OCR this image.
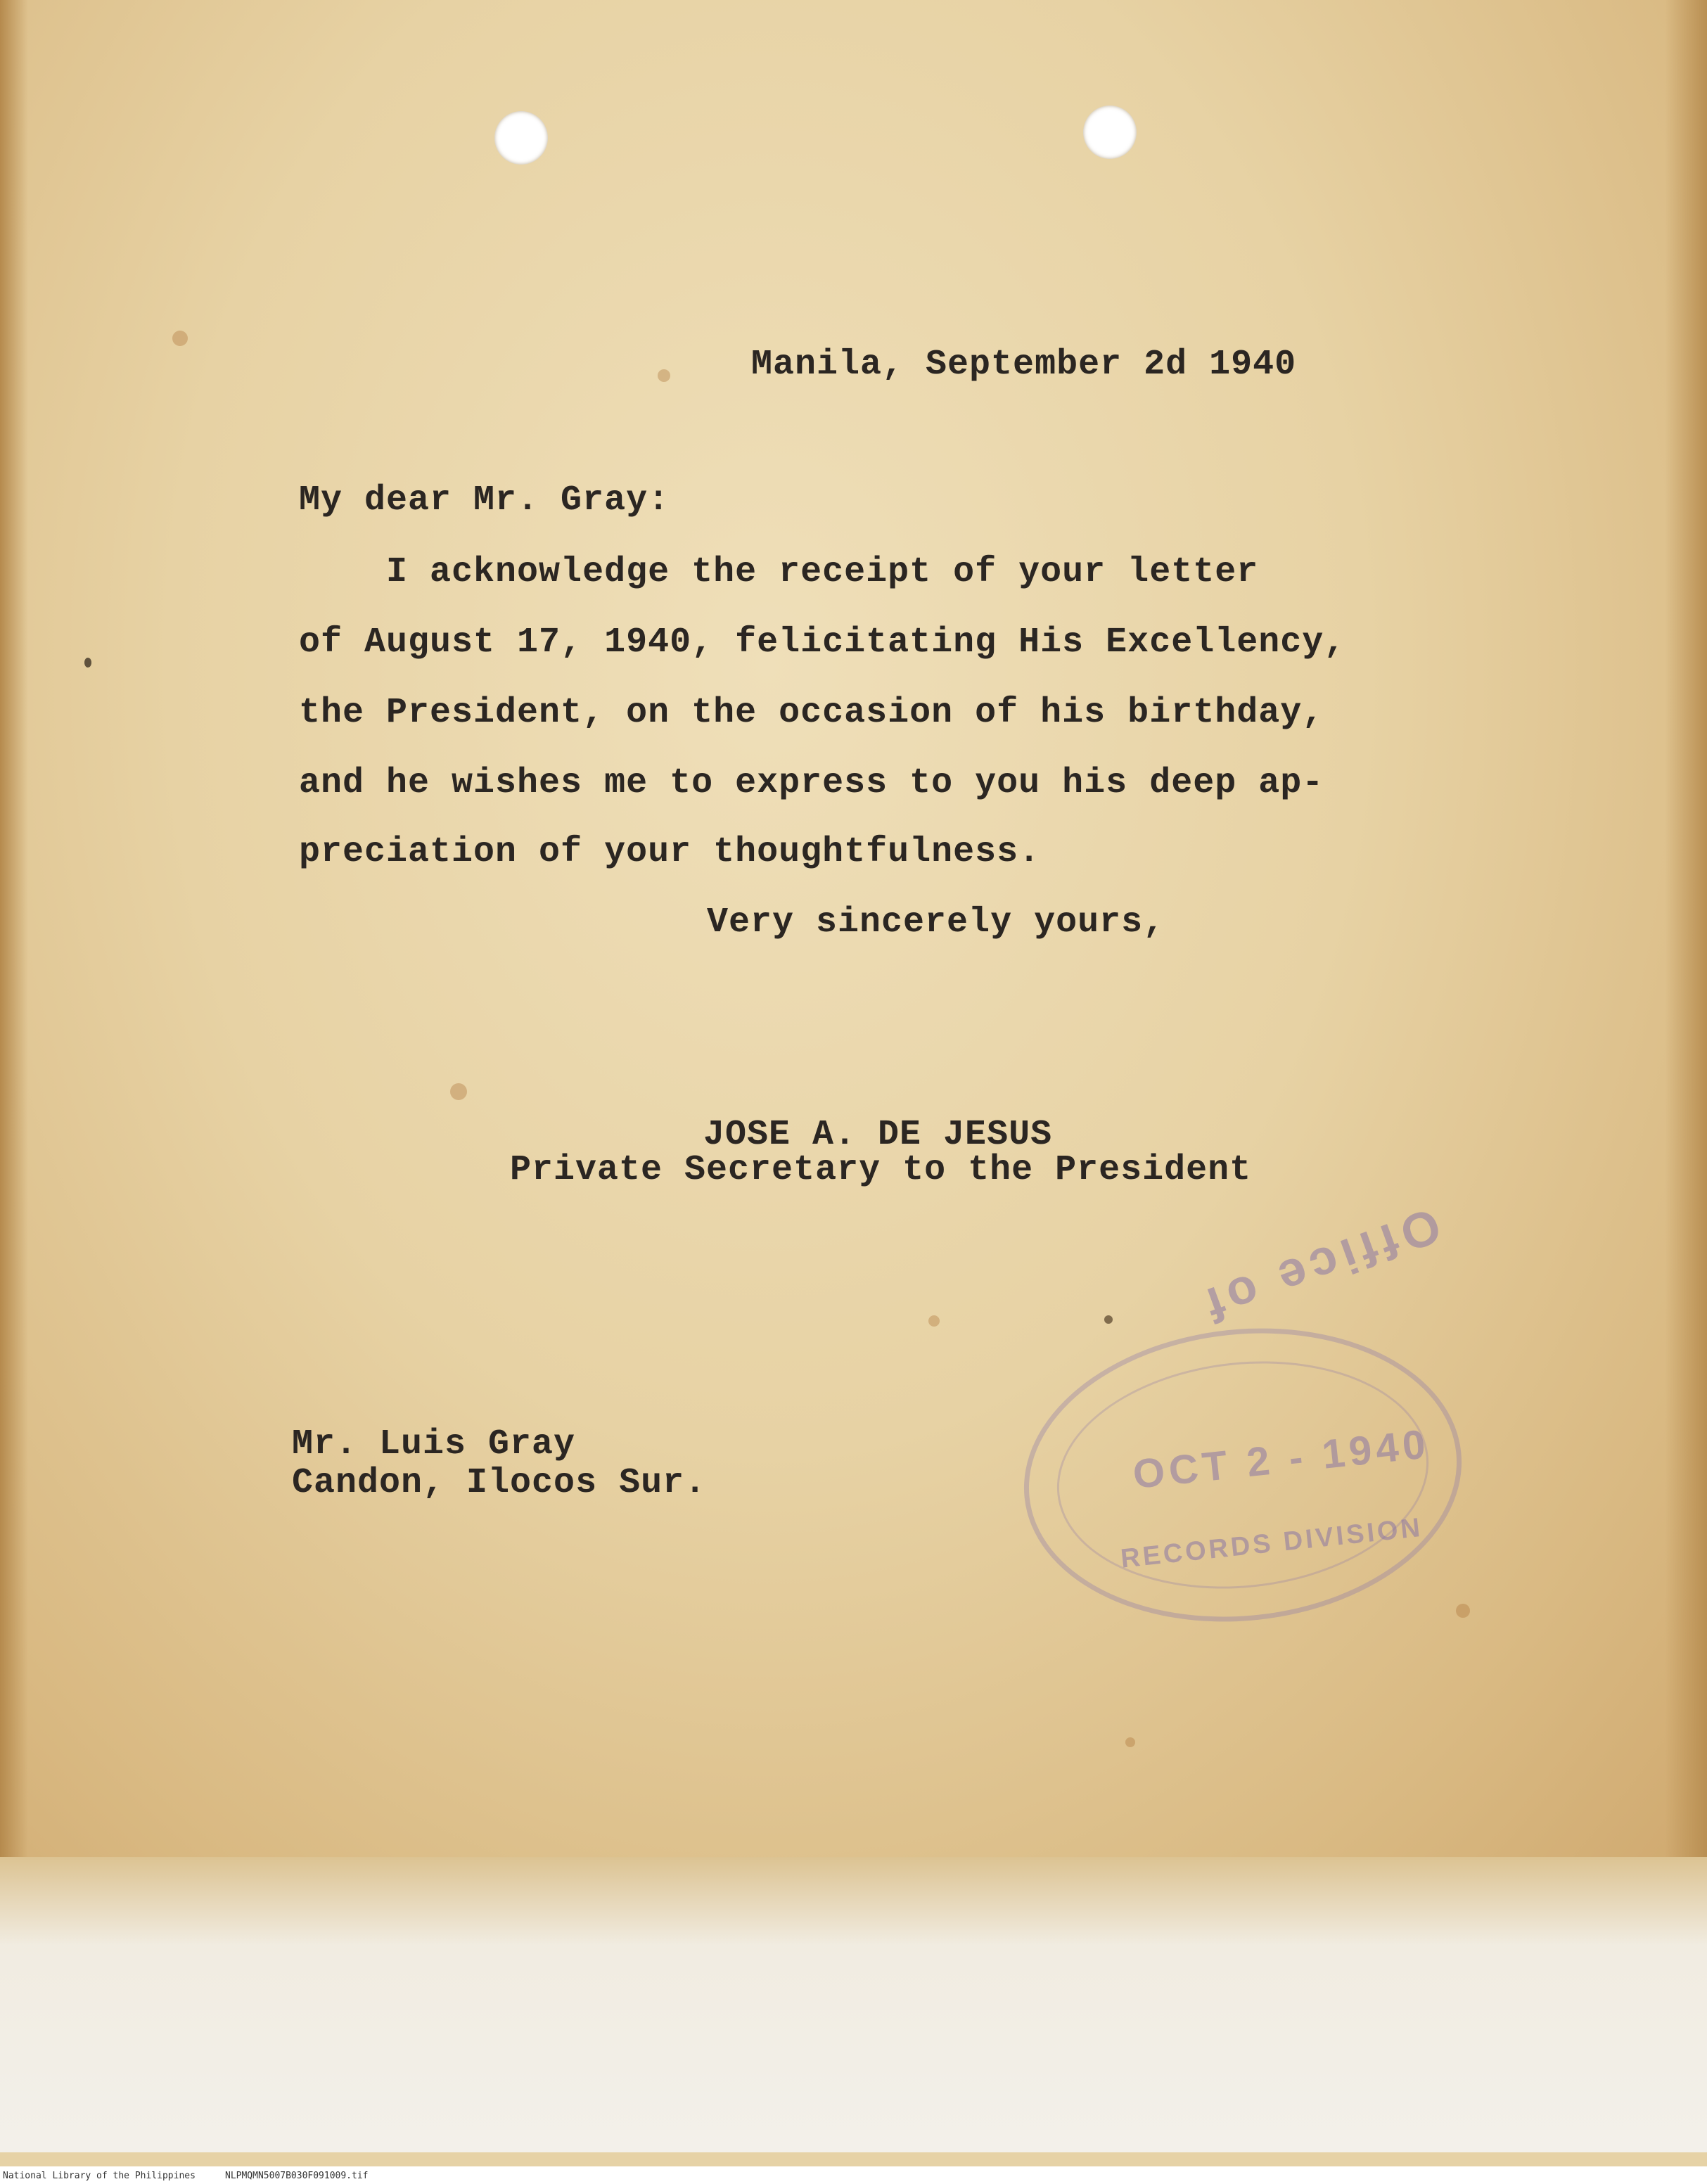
OCT 2 - 1940
RECORDS DIVISION
Office of
Manila, September 2d 1940
My dear Mr. Gray:
I acknowledge the receipt of your letter
of August 17, 1940, felicitating His Excellency,
the President, on the occasion of his birthday,
and he wishes me to express to you his deep ap-
preciation of your thoughtfulness.
Very sincerely yours,
JOSE A. DE JESUS
Private Secretary to the President
Mr. Luis Gray
Candon, Ilocos Sur.
National Library of the Philippines	NLPMQMN5007B030F091009.tif
